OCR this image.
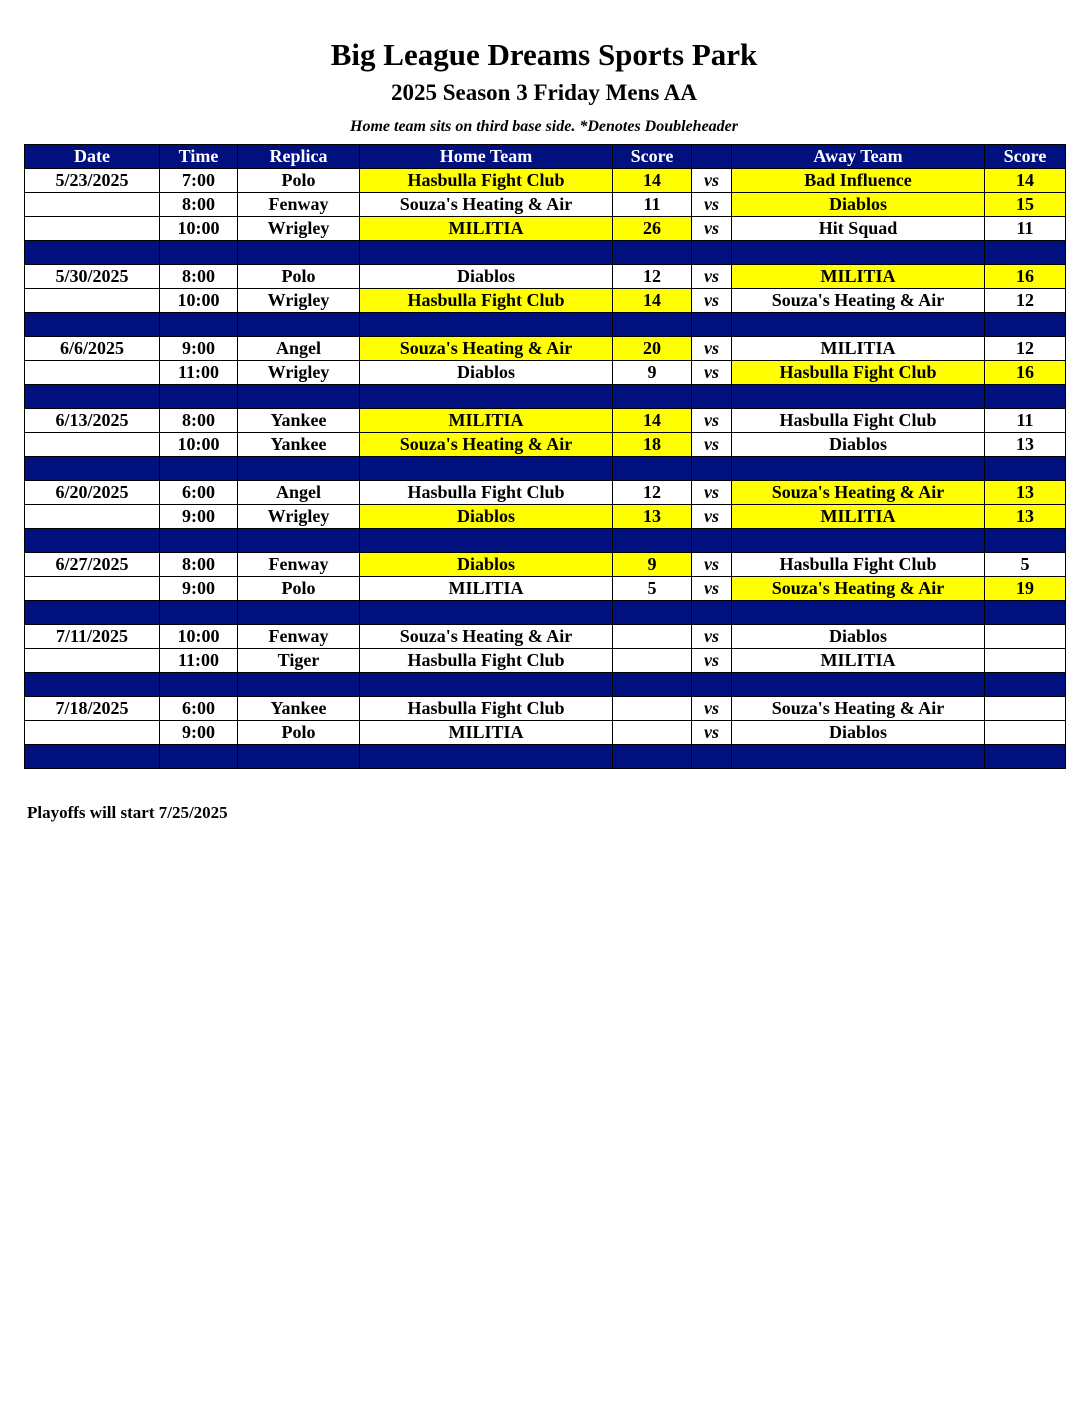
Big League Dreams Sports Park
2025 Season 3 Friday Mens AA
Home team sits on third base side. *Denotes Doubleheader
Date	Time	Replica	Home Team	Score		Away Team	Score
5/23/2025	7:00	Polo	Hasbulla Fight Club	14	vs	Bad Influence	14
	8:00	Fenway	Souza's Heating & Air	11	vs	Diablos	15
	10:00	Wrigley	MILITIA	26	vs	Hit Squad	11

5/30/2025	8:00	Polo	Diablos	12	vs	MILITIA	16
	10:00	Wrigley	Hasbulla Fight Club	14	vs	Souza's Heating & Air	12

6/6/2025	9:00	Angel	Souza's Heating & Air	20	vs	MILITIA	12
	11:00	Wrigley	Diablos	9	vs	Hasbulla Fight Club	16

6/13/2025	8:00	Yankee	MILITIA	14	vs	Hasbulla Fight Club	11
	10:00	Yankee	Souza's Heating & Air	18	vs	Diablos	13

6/20/2025	6:00	Angel	Hasbulla Fight Club	12	vs	Souza's Heating & Air	13
	9:00	Wrigley	Diablos	13	vs	MILITIA	13

6/27/2025	8:00	Fenway	Diablos	9	vs	Hasbulla Fight Club	5
	9:00	Polo	MILITIA	5	vs	Souza's Heating & Air	19

7/11/2025	10:00	Fenway	Souza's Heating & Air		vs	Diablos	
	11:00	Tiger	Hasbulla Fight Club		vs	MILITIA	

7/18/2025	6:00	Yankee	Hasbulla Fight Club		vs	Souza's Heating & Air	
	9:00	Polo	MILITIA		vs	Diablos	

Playoffs will start 7/25/2025
